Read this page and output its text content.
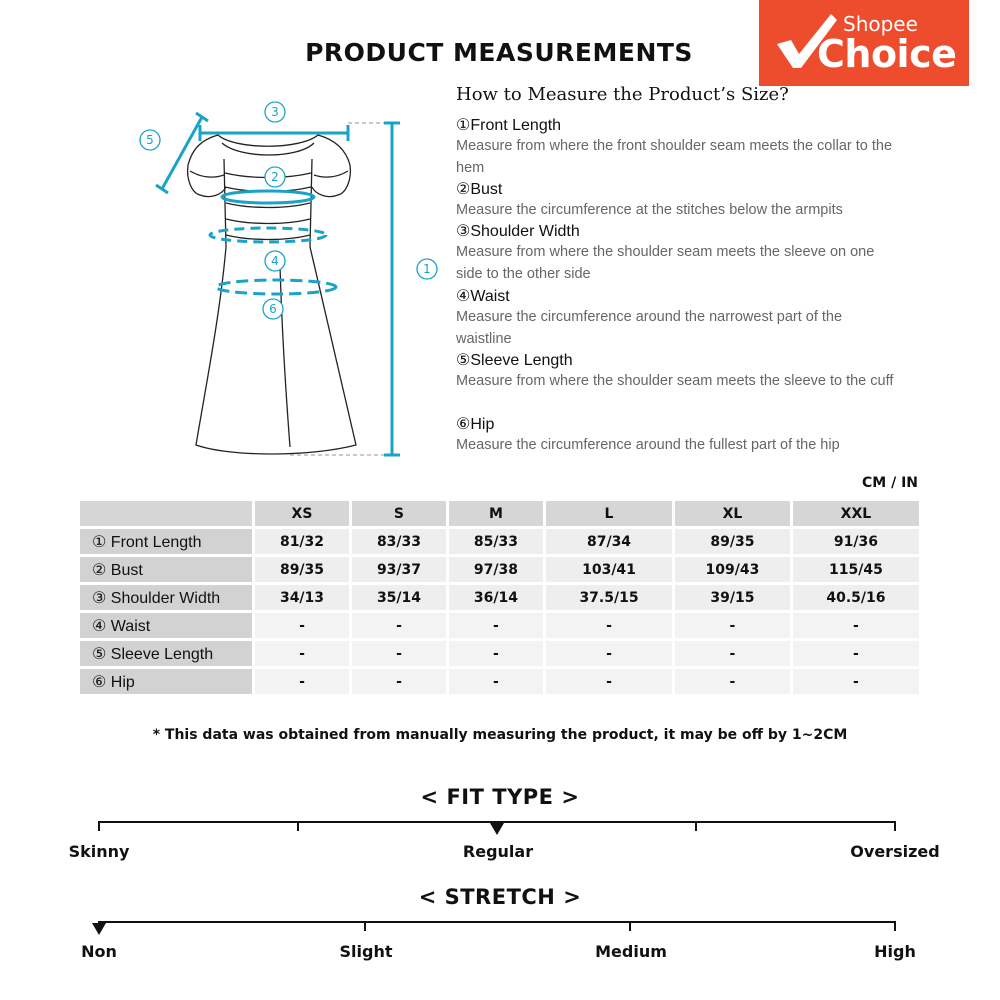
PRODUCT MEASUREMENTS
Shopee
Choice
3
2
4
6
5
1
How to Measure the Product’s Size?
①Front Length
Measure from where the front shoulder seam meets the collar to the hem
②Bust
Measure the circumference at the stitches below the armpits
③Shoulder Width
Measure from where the shoulder seam meets the sleeve on one side to the other side
④Waist
Measure the circumference around the narrowest part of the waistline
⑤Sleeve Length
Measure from where the shoulder seam meets the sleeve to the cuff
⑥Hip
Measure the circumference around the fullest part of the hip
CM / IN
	XS	S	M	L	XL	XXL
① Front Length	81/32	83/33	85/33	87/34	89/35	91/36
② Bust	89/35	93/37	97/38	103/41	109/43	115/45
③ Shoulder Width	34/13	35/14	36/14	37.5/15	39/15	40.5/16
④ Waist	-	-	-	-	-	-
⑤ Sleeve Length	-	-	-	-	-	-
⑥ Hip	-	-	-	-	-	-
* This data was obtained from manually measuring the product, it may be off by 1~2CM
< FIT TYPE >
Skinny	Regular	Oversized
< STRETCH >
Non	Slight	Medium	High
